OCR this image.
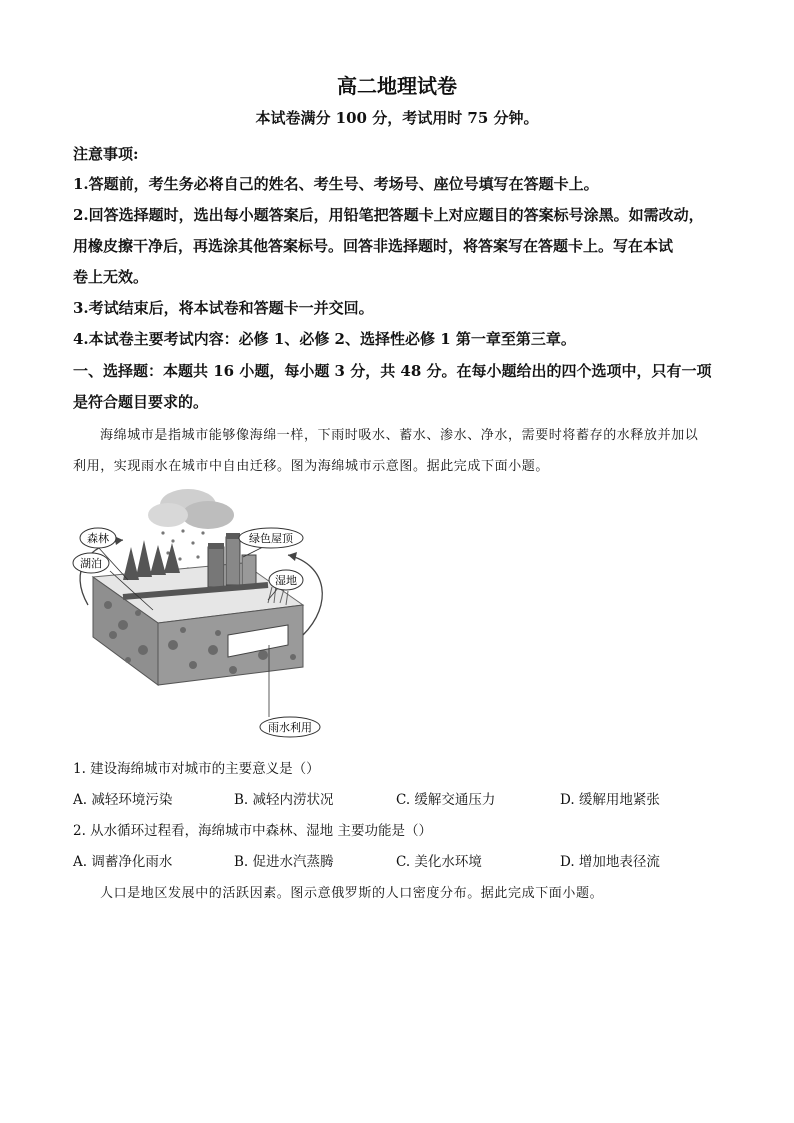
高二地理试卷
本试卷满分 100 分，考试用时 75 分钟。
注意事项:
1.答题前，考生务必将自己的姓名、考生号、考场号、座位号填写在答题卡上。
2.回答选择题时，选出每小题答案后，用铅笔把答题卡上对应题目的答案标号涂黑。如需改动，
用橡皮擦干净后，再选涂其他答案标号。回答非选择题时，将答案写在答题卡上。写在本试
卷上无效。
3.考试结束后，将本试卷和答题卡一并交回。
4.本试卷主要考试内容：必修 1、必修 2、选择性必修 1 第一章至第三章。
一、选择题：本题共 16 小题，每小题 3 分，共 48 分。在每小题给出的四个选项中，只有一项
是符合题目要求的。
海绵城市是指城市能够像海绵一样，下雨时吸水、蓄水、渗水、净水，需要时将蓄存的水释放并加以
利用，实现雨水在城市中自由迁移。图为海绵城市示意图。据此完成下面小题。
森林
湖泊
绿色屋顶
湿地
雨水利用
1. 建设海绵城市对城市的主要意义是（）
A. 减轻环境污染	B. 减轻内涝状况	C. 缓解交通压力	D. 缓解用地紧张
2. 从水循环过程看，海绵城市中森林、湿地 主要功能是（）
A. 调蓄净化雨水	B. 促进水汽蒸腾	C. 美化水环境	D. 增加地表径流
人口是地区发展中的活跃因素。图示意俄罗斯的人口密度分布。据此完成下面小题。
